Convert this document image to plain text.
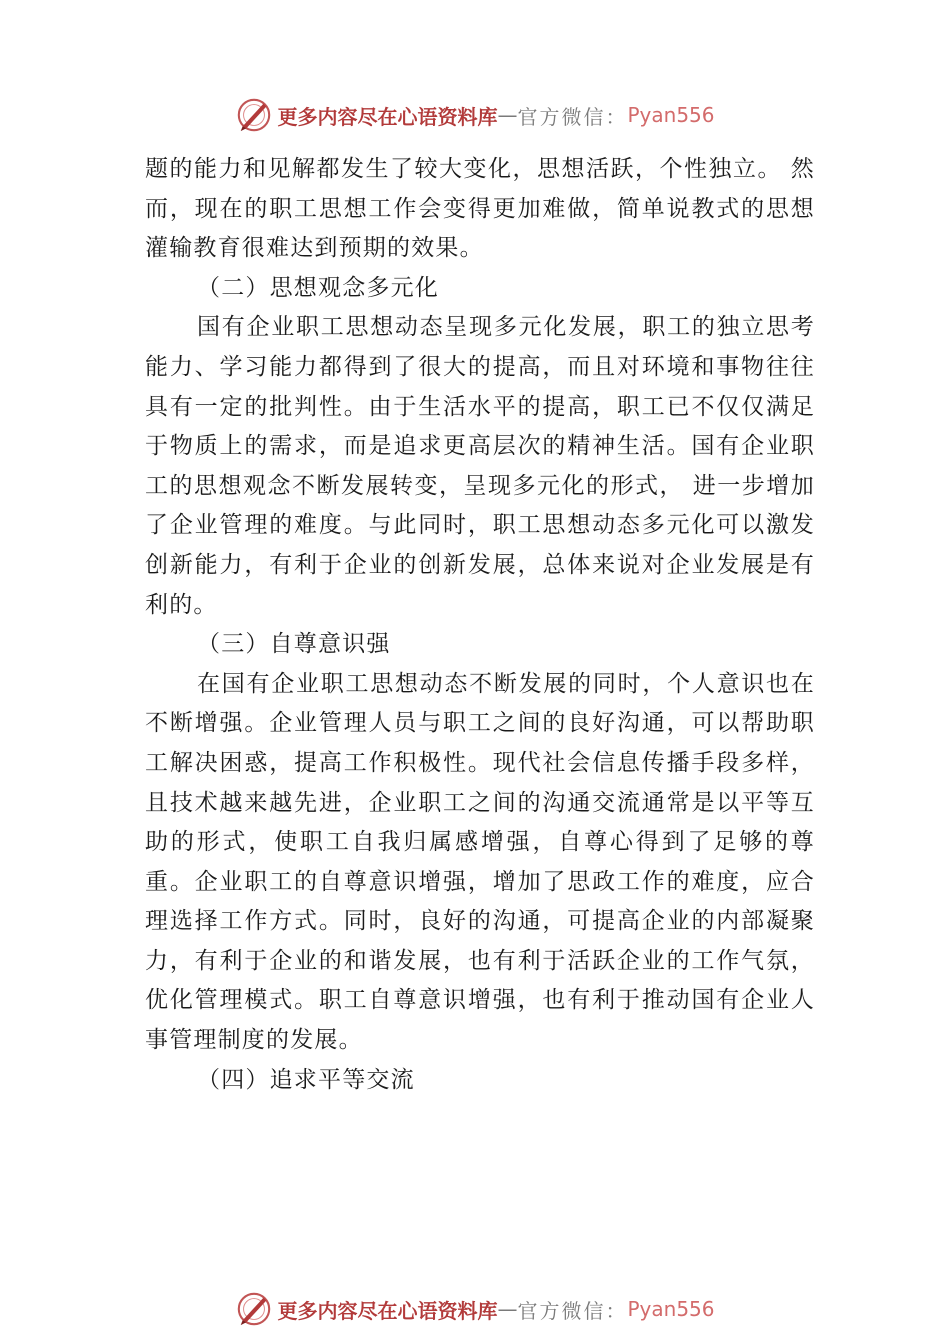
更多内容尽在心语资料库 — 官方微信： Pyan556

题的能力和见解都发生了较大变化，思想活跃，个性独立。 然而，现在的职工思想工作会变得更加难做，简单说教式的思想灌输教育很难达到预期的效果。

（二）思想观念多元化

国有企业职工思想动态呈现多元化发展，职工的独立思考能力、学习能力都得到了很大的提高，而且对环境和事物往往具有一定的批判性。由于生活水平的提高，职工已不仅仅满足于物质上的需求，而是追求更高层次的精神生活。国有企业职工的思想观念不断发展转变，呈现多元化的形式， 进一步增加了企业管理的难度。与此同时，职工思想动态多元化可以激发创新能力，有利于企业的创新发展，总体来说对企业发展是有利的。

（三）自尊意识强

在国有企业职工思想动态不断发展的同时，个人意识也在不断增强。企业管理人员与职工之间的良好沟通，可以帮助职工解决困惑，提高工作积极性。现代社会信息传播手段多样，且技术越来越先进，企业职工之间的沟通交流通常是以平等互助的形式，使职工自我归属感增强，自尊心得到了足够的尊重。企业职工的自尊意识增强，增加了思政工作的难度，应合理选择工作方式。同时，良好的沟通，可提高企业的内部凝聚力，有利于企业的和谐发展，也有利于活跃企业的工作气氛，优化管理模式。职工自尊意识增强，也有利于推动国有企业人事管理制度的发展。

（四）追求平等交流

更多内容尽在心语资料库 — 官方微信： Pyan556
